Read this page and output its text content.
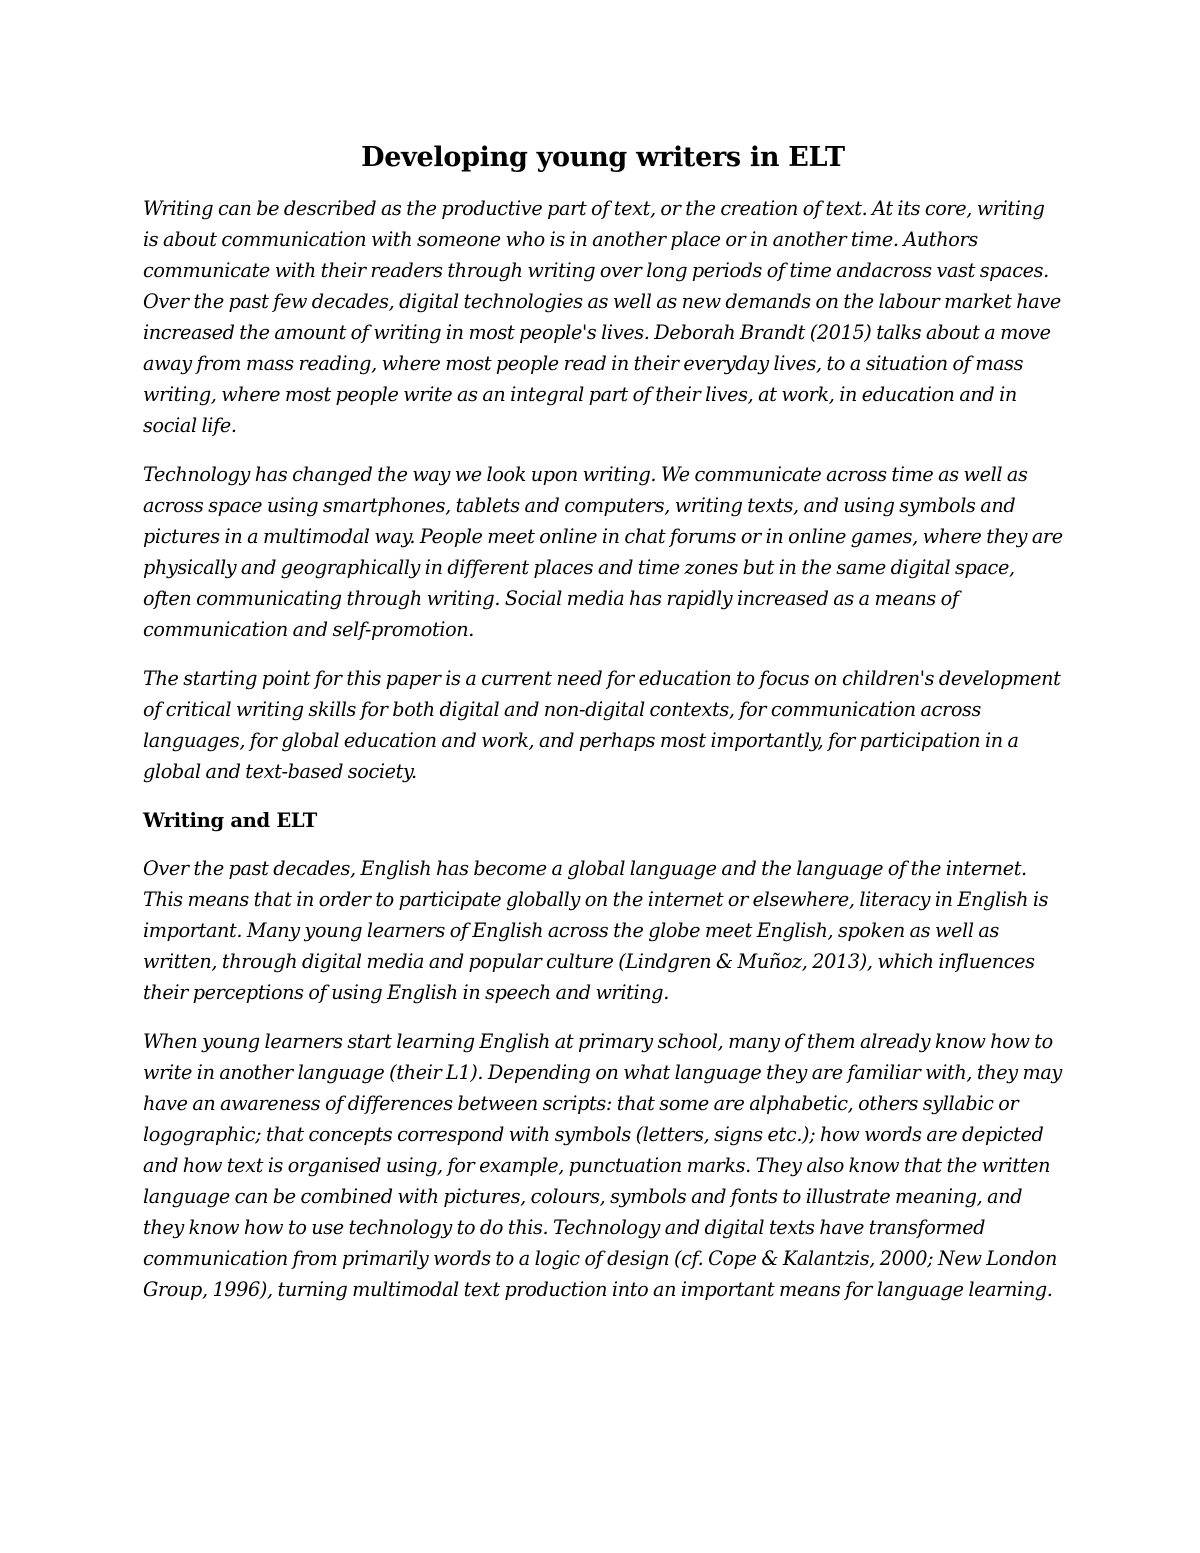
Developing young writers in ELT

Writing can be described as the productive part of text, or the creation of text. At its core, writing is about communication with someone who is in another place or in another time. Authors communicate with their readers through writing over long periods of time andacross vast spaces. Over the past few decades, digital technologies as well as new demands on the labour market have increased the amount of writing in most people's lives. Deborah Brandt (2015) talks about a move away from mass reading, where most people read in their everyday lives, to a situation of mass writing, where most people write as an integral part of their lives, at work, in education and in social life.

Technology has changed the way we look upon writing. We communicate across time as well as across space using smartphones, tablets and computers, writing texts, and using symbols and pictures in a multimodal way. People meet online in chat forums or in online games, where they are physically and geographically in different places and time zones but in the same digital space, often communicating through writing. Social media has rapidly increased as a means of communication and self-promotion.

The starting point for this paper is a current need for education to focus on children's development of critical writing skills for both digital and non-digital contexts, for communication across languages, for global education and work, and perhaps most importantly, for participation in a global and text-based society.

Writing and ELT

Over the past decades, English has become a global language and the language of the internet. This means that in order to participate globally on the internet or elsewhere, literacy in English is important. Many young learners of English across the globe meet English, spoken as well as written, through digital media and popular culture (Lindgren & Muñoz, 2013), which influences their perceptions of using English in speech and writing.

When young learners start learning English at primary school, many of them already know how to write in another language (their L1). Depending on what language they are familiar with, they may have an awareness of differences between scripts: that some are alphabetic, others syllabic or logographic; that concepts correspond with symbols (letters, signs etc.); how words are depicted and how text is organised using, for example, punctuation marks. They also know that the written language can be combined with pictures, colours, symbols and fonts to illustrate meaning, and they know how to use technology to do this. Technology and digital texts have transformed communication from primarily words to a logic of design (cf. Cope & Kalantzis, 2000; New London Group, 1996), turning multimodal text production into an important means for language learning.
